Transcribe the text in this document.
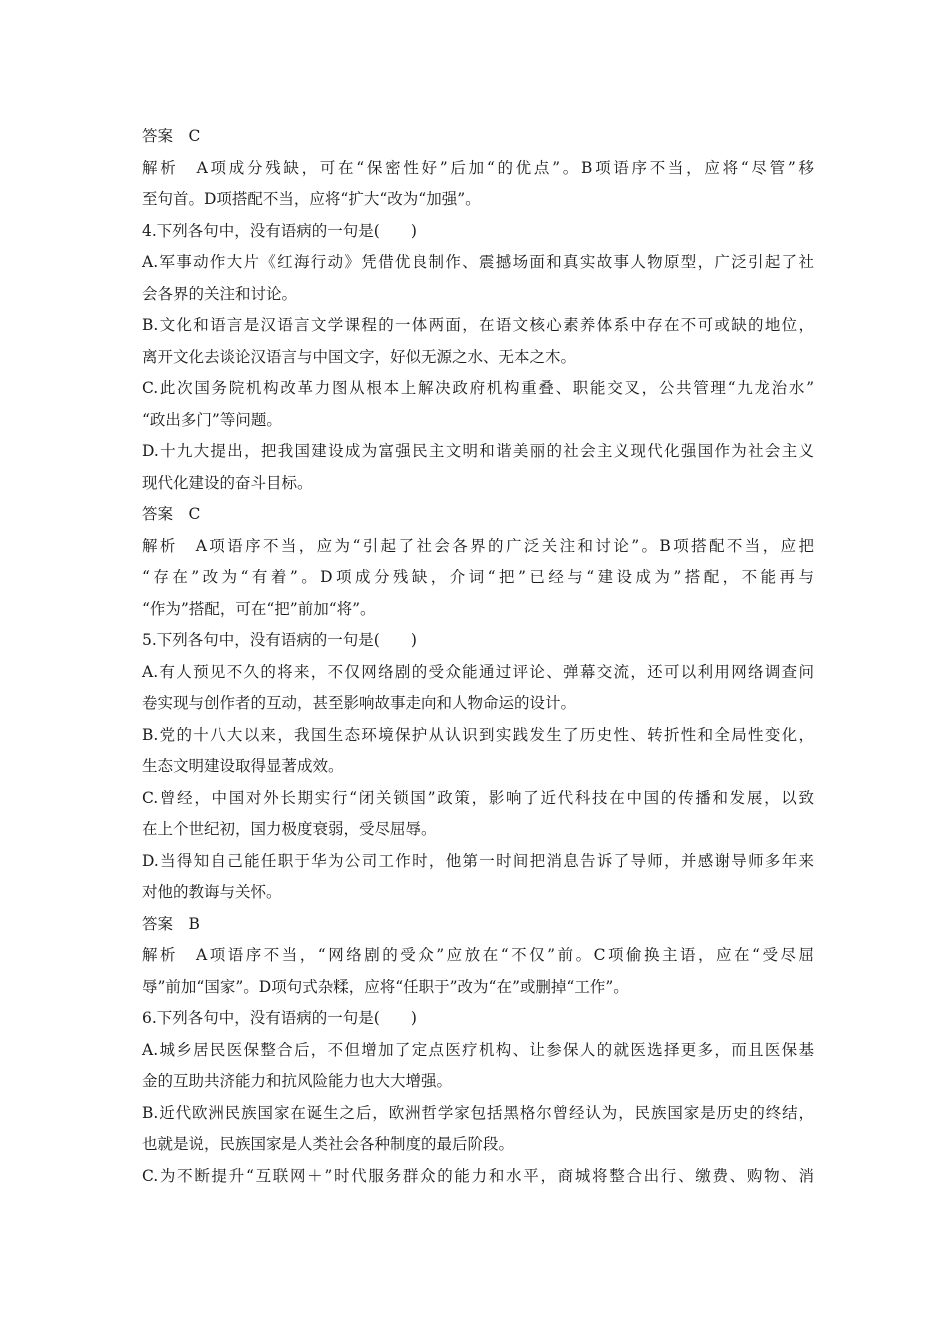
答案　C
解析　A项成分残缺，可在“保密性好”后加“的优点”。B项语序不当，应将“尽管”移
至句首。D项搭配不当，应将“扩大“改为“加强”。
4.下列各句中，没有语病的一句是(　　)
A.军事动作大片《红海行动》凭借优良制作、震撼场面和真实故事人物原型，广泛引起了社
会各界的关注和讨论。
B.文化和语言是汉语言文学课程的一体两面，在语文核心素养体系中存在不可或缺的地位，
离开文化去谈论汉语言与中国文字，好似无源之水、无本之木。
C.此次国务院机构改革力图从根本上解决政府机构重叠、职能交叉，公共管理“九龙治水”
“政出多门”等问题。
D.十九大提出，把我国建设成为富强民主文明和谐美丽的社会主义现代化强国作为社会主义
现代化建设的奋斗目标。
答案　C
解析　A项语序不当，应为“引起了社会各界的广泛关注和讨论”。B项搭配不当，应把
“存在”改为“有着”。D项成分残缺，介词“把”已经与“建设成为”搭配，不能再与
“作为”搭配，可在“把”前加“将”。
5.下列各句中，没有语病的一句是(　　)
A.有人预见不久的将来，不仅网络剧的受众能通过评论、弹幕交流，还可以利用网络调查问
卷实现与创作者的互动，甚至影响故事走向和人物命运的设计。
B.党的十八大以来，我国生态环境保护从认识到实践发生了历史性、转折性和全局性变化，
生态文明建设取得显著成效。
C.曾经，中国对外长期实行“闭关锁国”政策，影响了近代科技在中国的传播和发展，以致
在上个世纪初，国力极度衰弱，受尽屈辱。
D.当得知自己能任职于华为公司工作时，他第一时间把消息告诉了导师，并感谢导师多年来
对他的教诲与关怀。
答案　B
解析　A项语序不当，“网络剧的受众”应放在“不仅”前。C项偷换主语，应在“受尽屈
辱”前加“国家”。D项句式杂糅，应将“任职于”改为“在”或删掉“工作”。
6.下列各句中，没有语病的一句是(　　)
A.城乡居民医保整合后，不但增加了定点医疗机构、让参保人的就医选择更多，而且医保基
金的互助共济能力和抗风险能力也大大增强。
B.近代欧洲民族国家在诞生之后，欧洲哲学家包括黑格尔曾经认为，民族国家是历史的终结，
也就是说，民族国家是人类社会各种制度的最后阶段。
C.为不断提升“互联网＋”时代服务群众的能力和水平，商城将整合出行、缴费、购物、消
